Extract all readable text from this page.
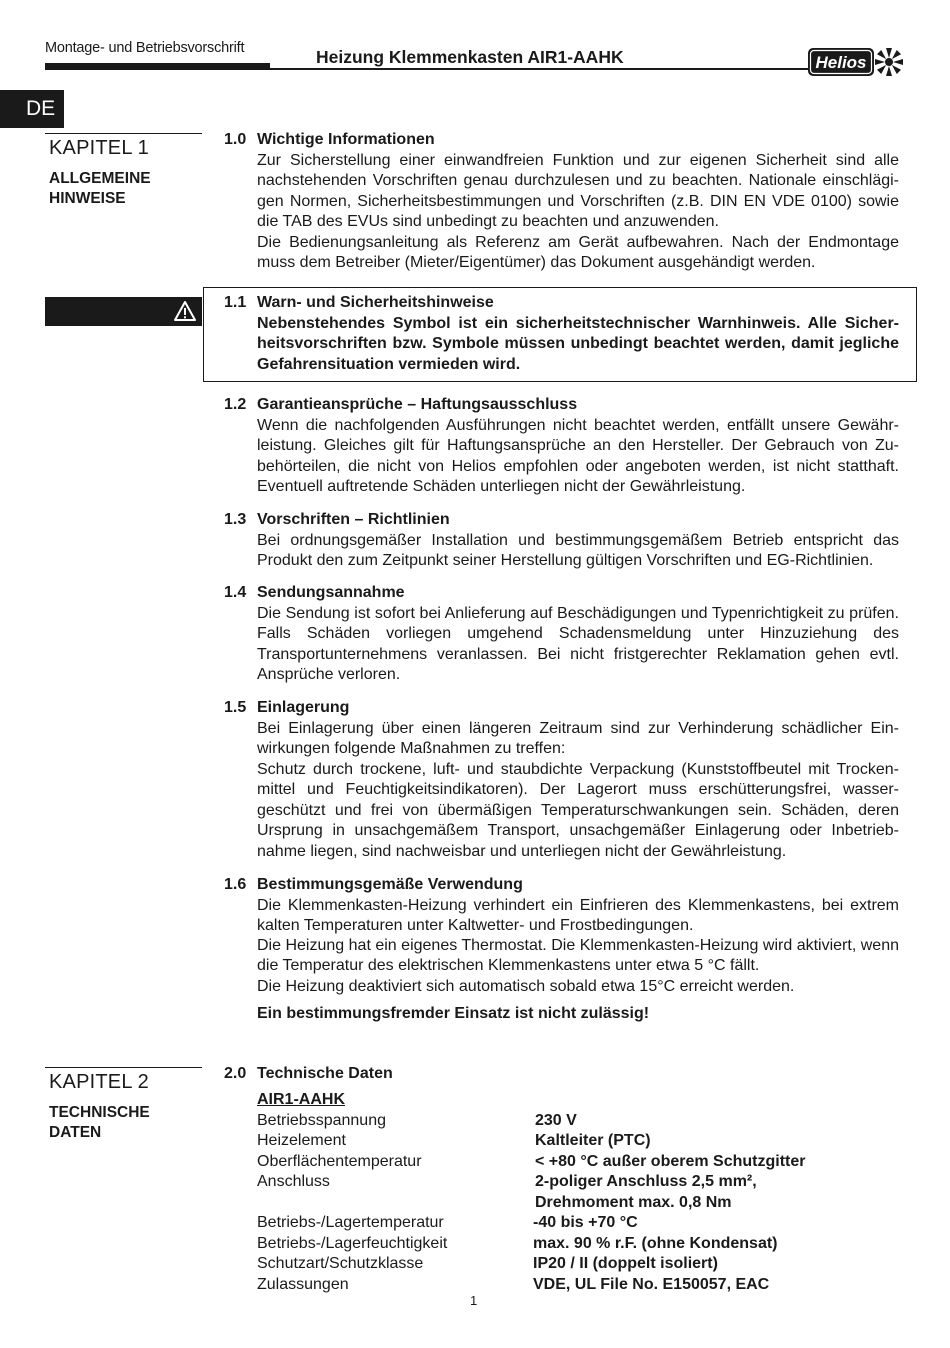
Montage- und Betriebsvorschrift	Heizung Klemmenkasten AIR1-AAHK	Helios
DE
KAPITEL 1
ALLGEMEINE
HINWEISE
1.0 Wichtige Informationen

Zur Sicherstellung einer einwandfreien Funktion und zur eigenen Sicherheit sind alle nachstehenden Vorschriften genau durchzulesen und zu beachten. Nationale einschlägigen Normen, Sicherheitsbestimmungen und Vorschriften (z.B. DIN EN VDE 0100) sowie die TAB des EVUs sind unbedingt zu beachten und anzuwenden.

Die Bedienungsanleitung als Referenz am Gerät aufbewahren. Nach der Endmontage muss dem Betreiber (Mieter/Eigentümer) das Dokument ausgehändigt werden.

1.1 Warn- und Sicherheitshinweise

Nebenstehendes Symbol ist ein sicherheitstechnischer Warnhinweis. Alle Sicherheitsvorschriften bzw. Symbole müssen unbedingt beachtet werden, damit jegliche Gefahrensituation vermieden wird.

1.2 Garantieansprüche – Haftungsausschluss

Wenn die nachfolgenden Ausführungen nicht beachtet werden, entfällt unsere Gewährleistung. Gleiches gilt für Haftungsansprüche an den Hersteller. Der Gebrauch von Zubehörteilen, die nicht von Helios empfohlen oder angeboten werden, ist nicht statthaft. Eventuell auftretende Schäden unterliegen nicht der Gewährleistung.

1.3 Vorschriften – Richtlinien

Bei ordnungsgemäßer Installation und bestimmungsgemäßem Betrieb entspricht das Produkt den zum Zeitpunkt seiner Herstellung gültigen Vorschriften und EG-Richtlinien.

1.4 Sendungsannahme

Die Sendung ist sofort bei Anlieferung auf Beschädigungen und Typenrichtigkeit zu prüfen. Falls Schäden vorliegen umgehend Schadensmeldung unter Hinzuziehung des Transportunternehmens veranlassen. Bei nicht fristgerechter Reklamation gehen evtl. Ansprüche verloren.

1.5 Einlagerung

Bei Einlagerung über einen längeren Zeitraum sind zur Verhinderung schädlicher Einwirkungen folgende Maßnahmen zu treffen:

Schutz durch trockene, luft- und staubdichte Verpackung (Kunststoffbeutel mit Trockenmittel und Feuchtigkeitsindikatoren). Der Lagerort muss erschütterungsfrei, wassergeschützt und frei von übermäßigen Temperaturschwankungen sein. Schäden, deren Ursprung in unsachgemäßem Transport, unsachgemäßer Einlagerung oder Inbetriebnahme liegen, sind nachweisbar und unterliegen nicht der Gewährleistung.

1.6 Bestimmungsgemäße Verwendung

Die Klemmenkasten-Heizung verhindert ein Einfrieren des Klemmenkastens, bei extrem kalten Temperaturen unter Kaltwetter- und Frostbedingungen.

Die Heizung hat ein eigenes Thermostat. Die Klemmenkasten-Heizung wird aktiviert, wenn die Temperatur des elektrischen Klemmenkastens unter etwa 5 °C fällt.

Die Heizung deaktiviert sich automatisch sobald etwa 15°C erreicht werden.

Ein bestimmungsfremder Einsatz ist nicht zulässig!

KAPITEL 2
TECHNISCHE
DATEN
2.0 Technische Daten
AIR1-AAHK
Betriebsspannung	230 V
Heizelement	Kaltleiter (PTC)
Oberflächentemperatur	< +80 °C außer oberem Schutzgitter
Anschluss	2-poliger Anschluss 2,5 mm²,
Drehmoment max. 0,8 Nm
Betriebs-/Lagertemperatur	-40 bis +70 °C
Betriebs-/Lagerfeuchtigkeit	max. 90 % r.F. (ohne Kondensat)
Schutzart/Schutzklasse	IP20 / II (doppelt isoliert)
Zulassungen	VDE, UL File No. E150057, EAC
1
